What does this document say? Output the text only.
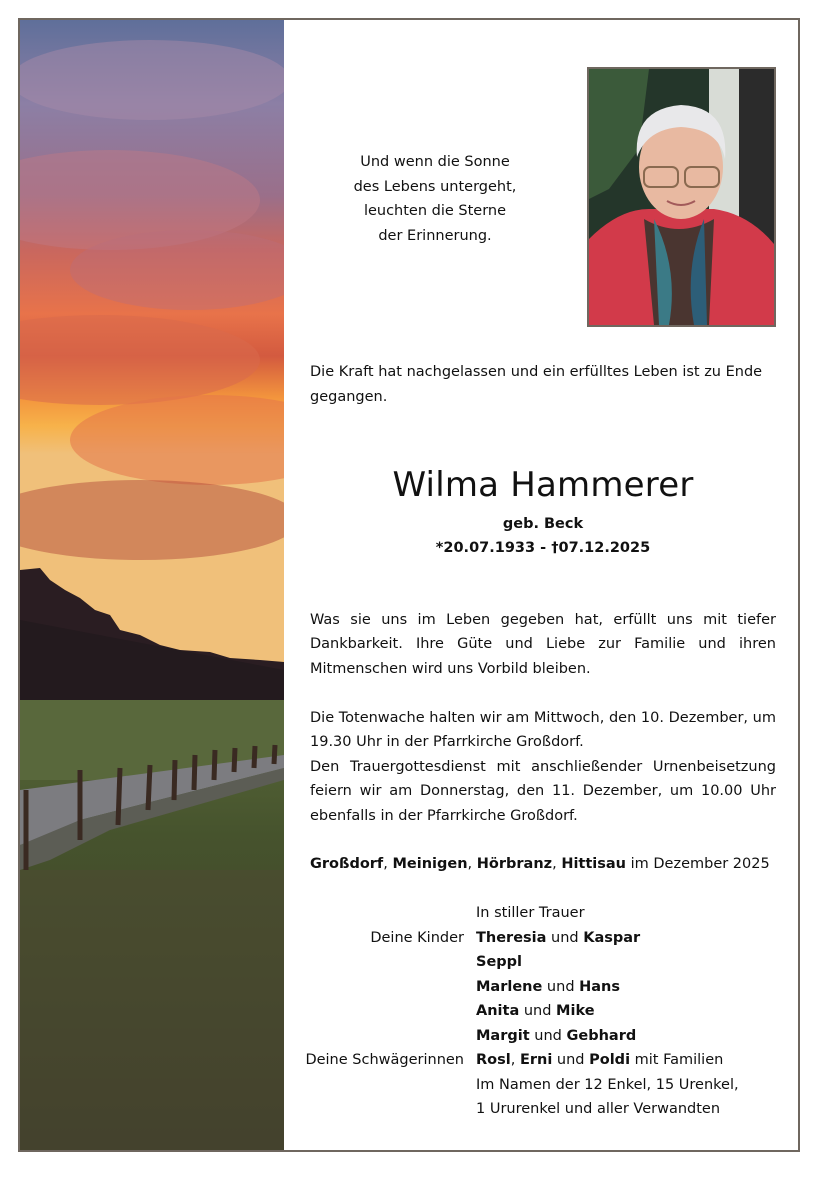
Und wenn die Sonne
des Lebens untergeht,
leuchten die Sterne
der Erinnerung.
Die Kraft hat nachgelassen und ein erfülltes Leben ist zu Ende gegangen.
Wilma Hammerer
geb. Beck
*20.07.1933 - †07.12.2025
Was sie uns im Leben gegeben hat, erfüllt uns mit tiefer Dankbarkeit. Ihre Güte und Liebe zur Familie und ihren Mitmenschen wird uns Vorbild bleiben.
Die Totenwache halten wir am Mittwoch, den 10. Dezember, um 19.30 Uhr in der Pfarrkirche Großdorf.
Den Trauergottesdienst mit anschließender Urnenbeisetzung feiern wir am Donnerstag, den 11. Dezember, um 10.00 Uhr ebenfalls in der Pfarrkirche Großdorf.
Großdorf, Meinigen, Hörbranz, Hittisau im Dezember 2025
In stiller Trauer
Deine Kinder Theresia und Kaspar
Seppl
Marlene und Hans
Anita und Mike
Margit und Gebhard
Deine Schwägerinnen Rosl, Erni und Poldi mit Familien
Im Namen der 12 Enkel, 15 Urenkel,
1 Ururenkel und aller Verwandten
